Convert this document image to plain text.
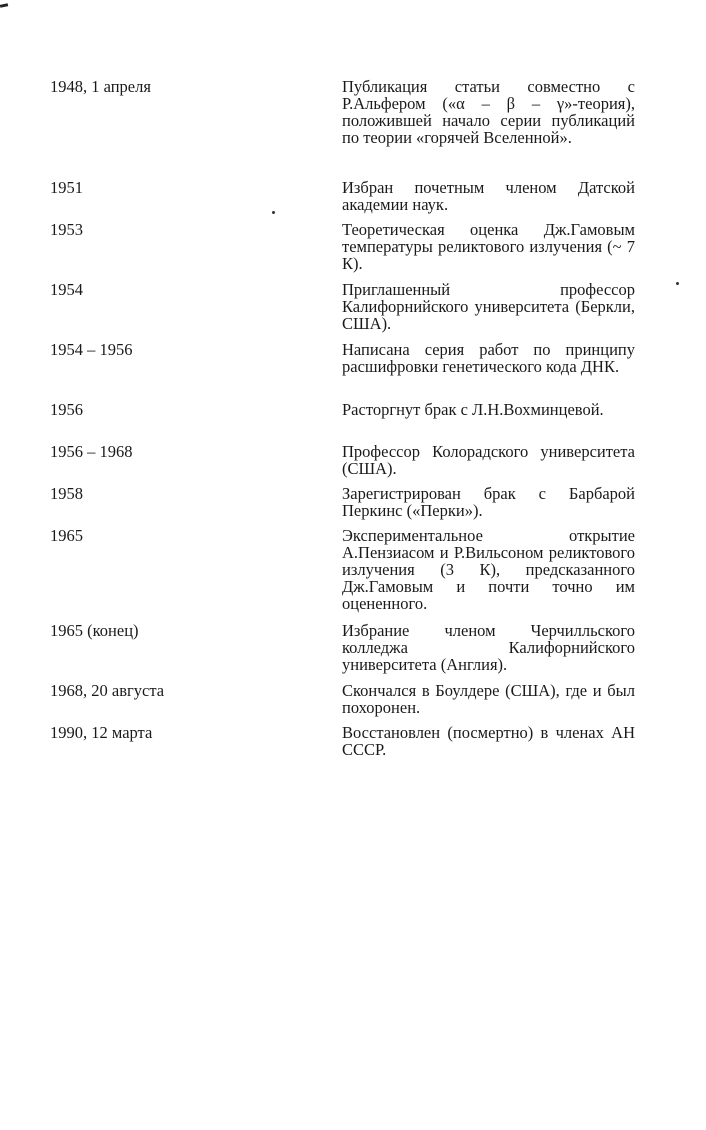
1948, 1 апреля	Публикация статьи совместно с Р.Альфером («α – β – γ»-теория), положившей начало серии публикаций по теории «горячей Вселенной».
1951	Избран почетным членом Датской академии наук.
1953	Теоретическая оценка Дж.Гамовым температуры реликтового излучения (~ 7 К).
1954	Приглашенный профессор Калифорнийского университета (Беркли, США).
1954 – 1956	Написана серия работ по принципу расшифровки генетического кода ДНК.
1956	Расторгнут брак с Л.Н.Вохминцевой.
1956 – 1968	Профессор Колорадского университета (США).
1958	Зарегистрирован брак с Барбарой Перкинс («Перки»).
1965	Экспериментальное открытие А.Пензиасом и Р.Вильсоном реликтового излучения (3 К), предсказанного Дж.Гамовым и почти точно им оцененного.
1965 (конец)	Избрание членом Черчилльского колледжа Калифорнийского университета (Англия).
1968, 20 августа	Скончался в Боулдере (США), где и был похоронен.
1990, 12 марта	Восстановлен (посмертно) в членах АН СССР.
